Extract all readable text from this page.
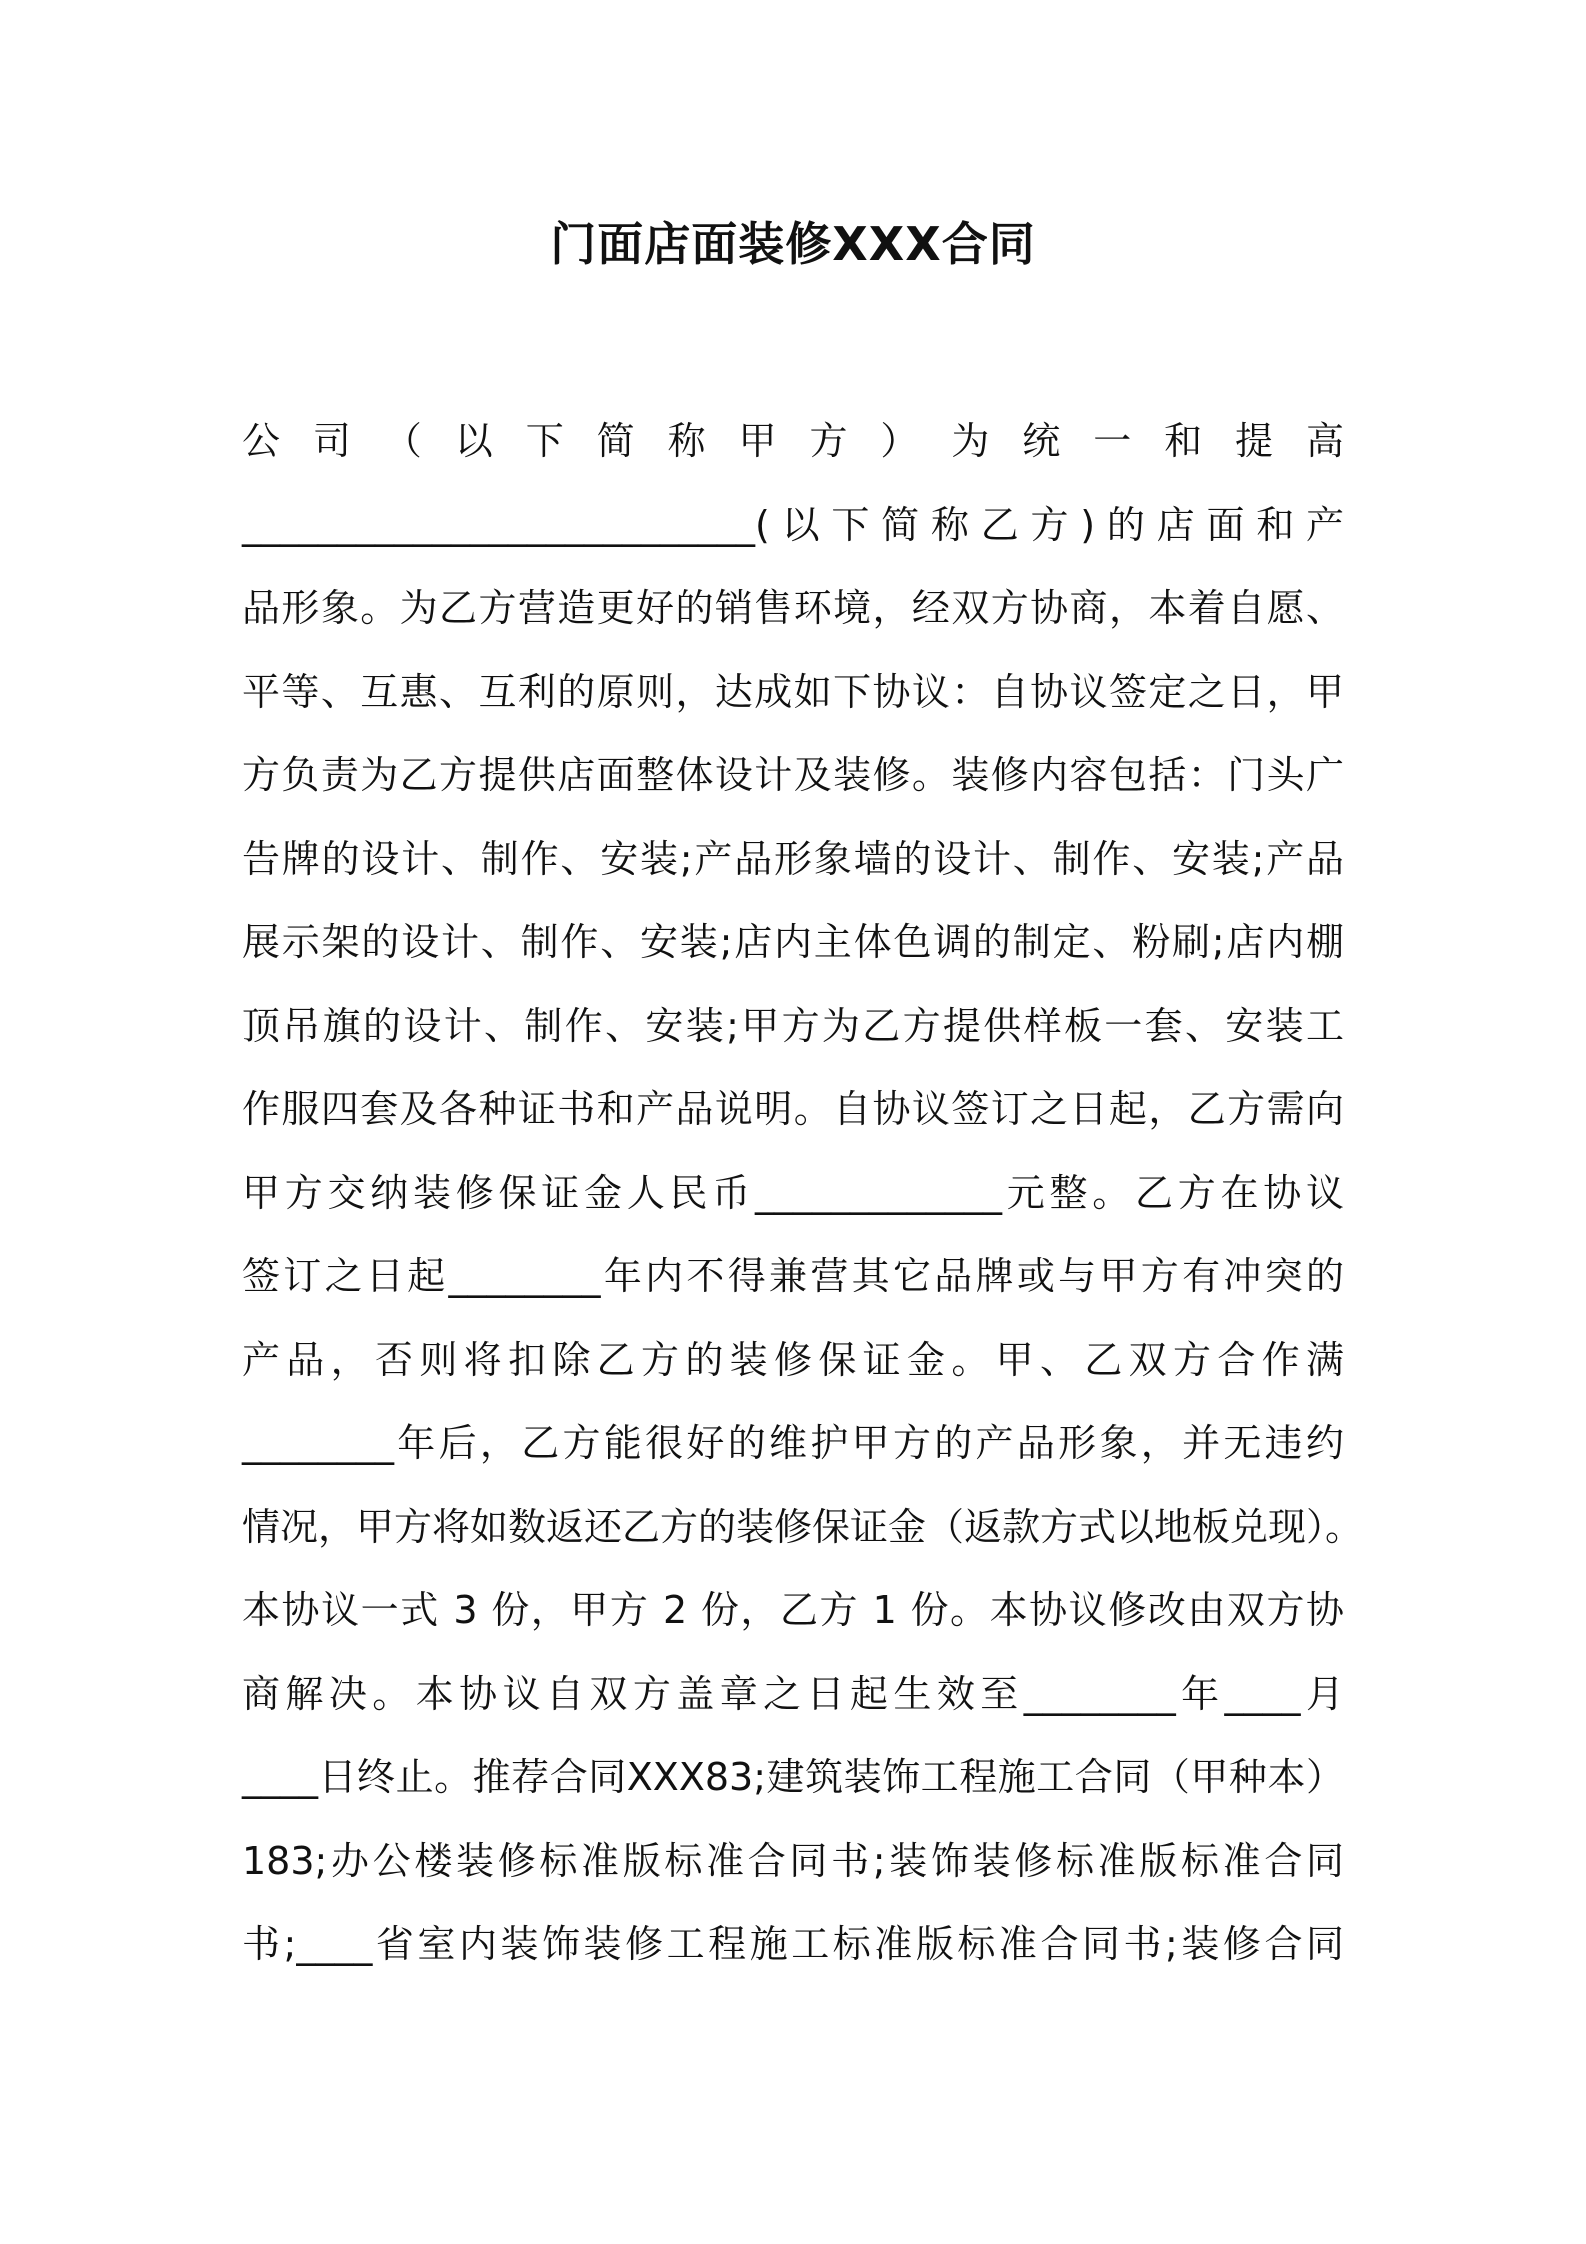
门面店面装修XXX合同
公 司 （ 以 下 简 称 甲 方 ） 为 统 一 和 提 高
___________________________(以下简称乙方)的店面和产
品形象。为乙方营造更好的销售环境，经双方协商，本着自愿、
平等、互惠、互利的原则，达成如下协议：自协议签定之日，甲
方负责为乙方提供店面整体设计及装修。装修内容包括：门头广
告牌的设计、制作、安装;产品形象墙的设计、制作、安装;产品
展示架的设计、制作、安装;店内主体色调的制定、粉刷;店内棚
顶吊旗的设计、制作、安装;甲方为乙方提供样板一套、安装工
作服四套及各种证书和产品说明。自协议签订之日起，乙方需向
甲方交纳装修保证金人民币_____________元整。乙方在协议
签订之日起________年内不得兼营其它品牌或与甲方有冲突的
产品，否则将扣除乙方的装修保证金。甲、乙双方合作满
________年后，乙方能很好的维护甲方的产品形象，并无违约
情况，甲方将如数返还乙方的装修保证金（返款方式以地板兑现）。
本协议一式 3 份，甲方 2 份，乙方 1 份。本协议修改由双方协
商解决。本协议自双方盖章之日起生效至________年____月
____日终止。推荐合同XXX83;建筑装饰工程施工合同（甲种本）
183;办公楼装修标准版标准合同书;装饰装修标准版标准合同
书;____省室内装饰装修工程施工标准版标准合同书;装修合同
